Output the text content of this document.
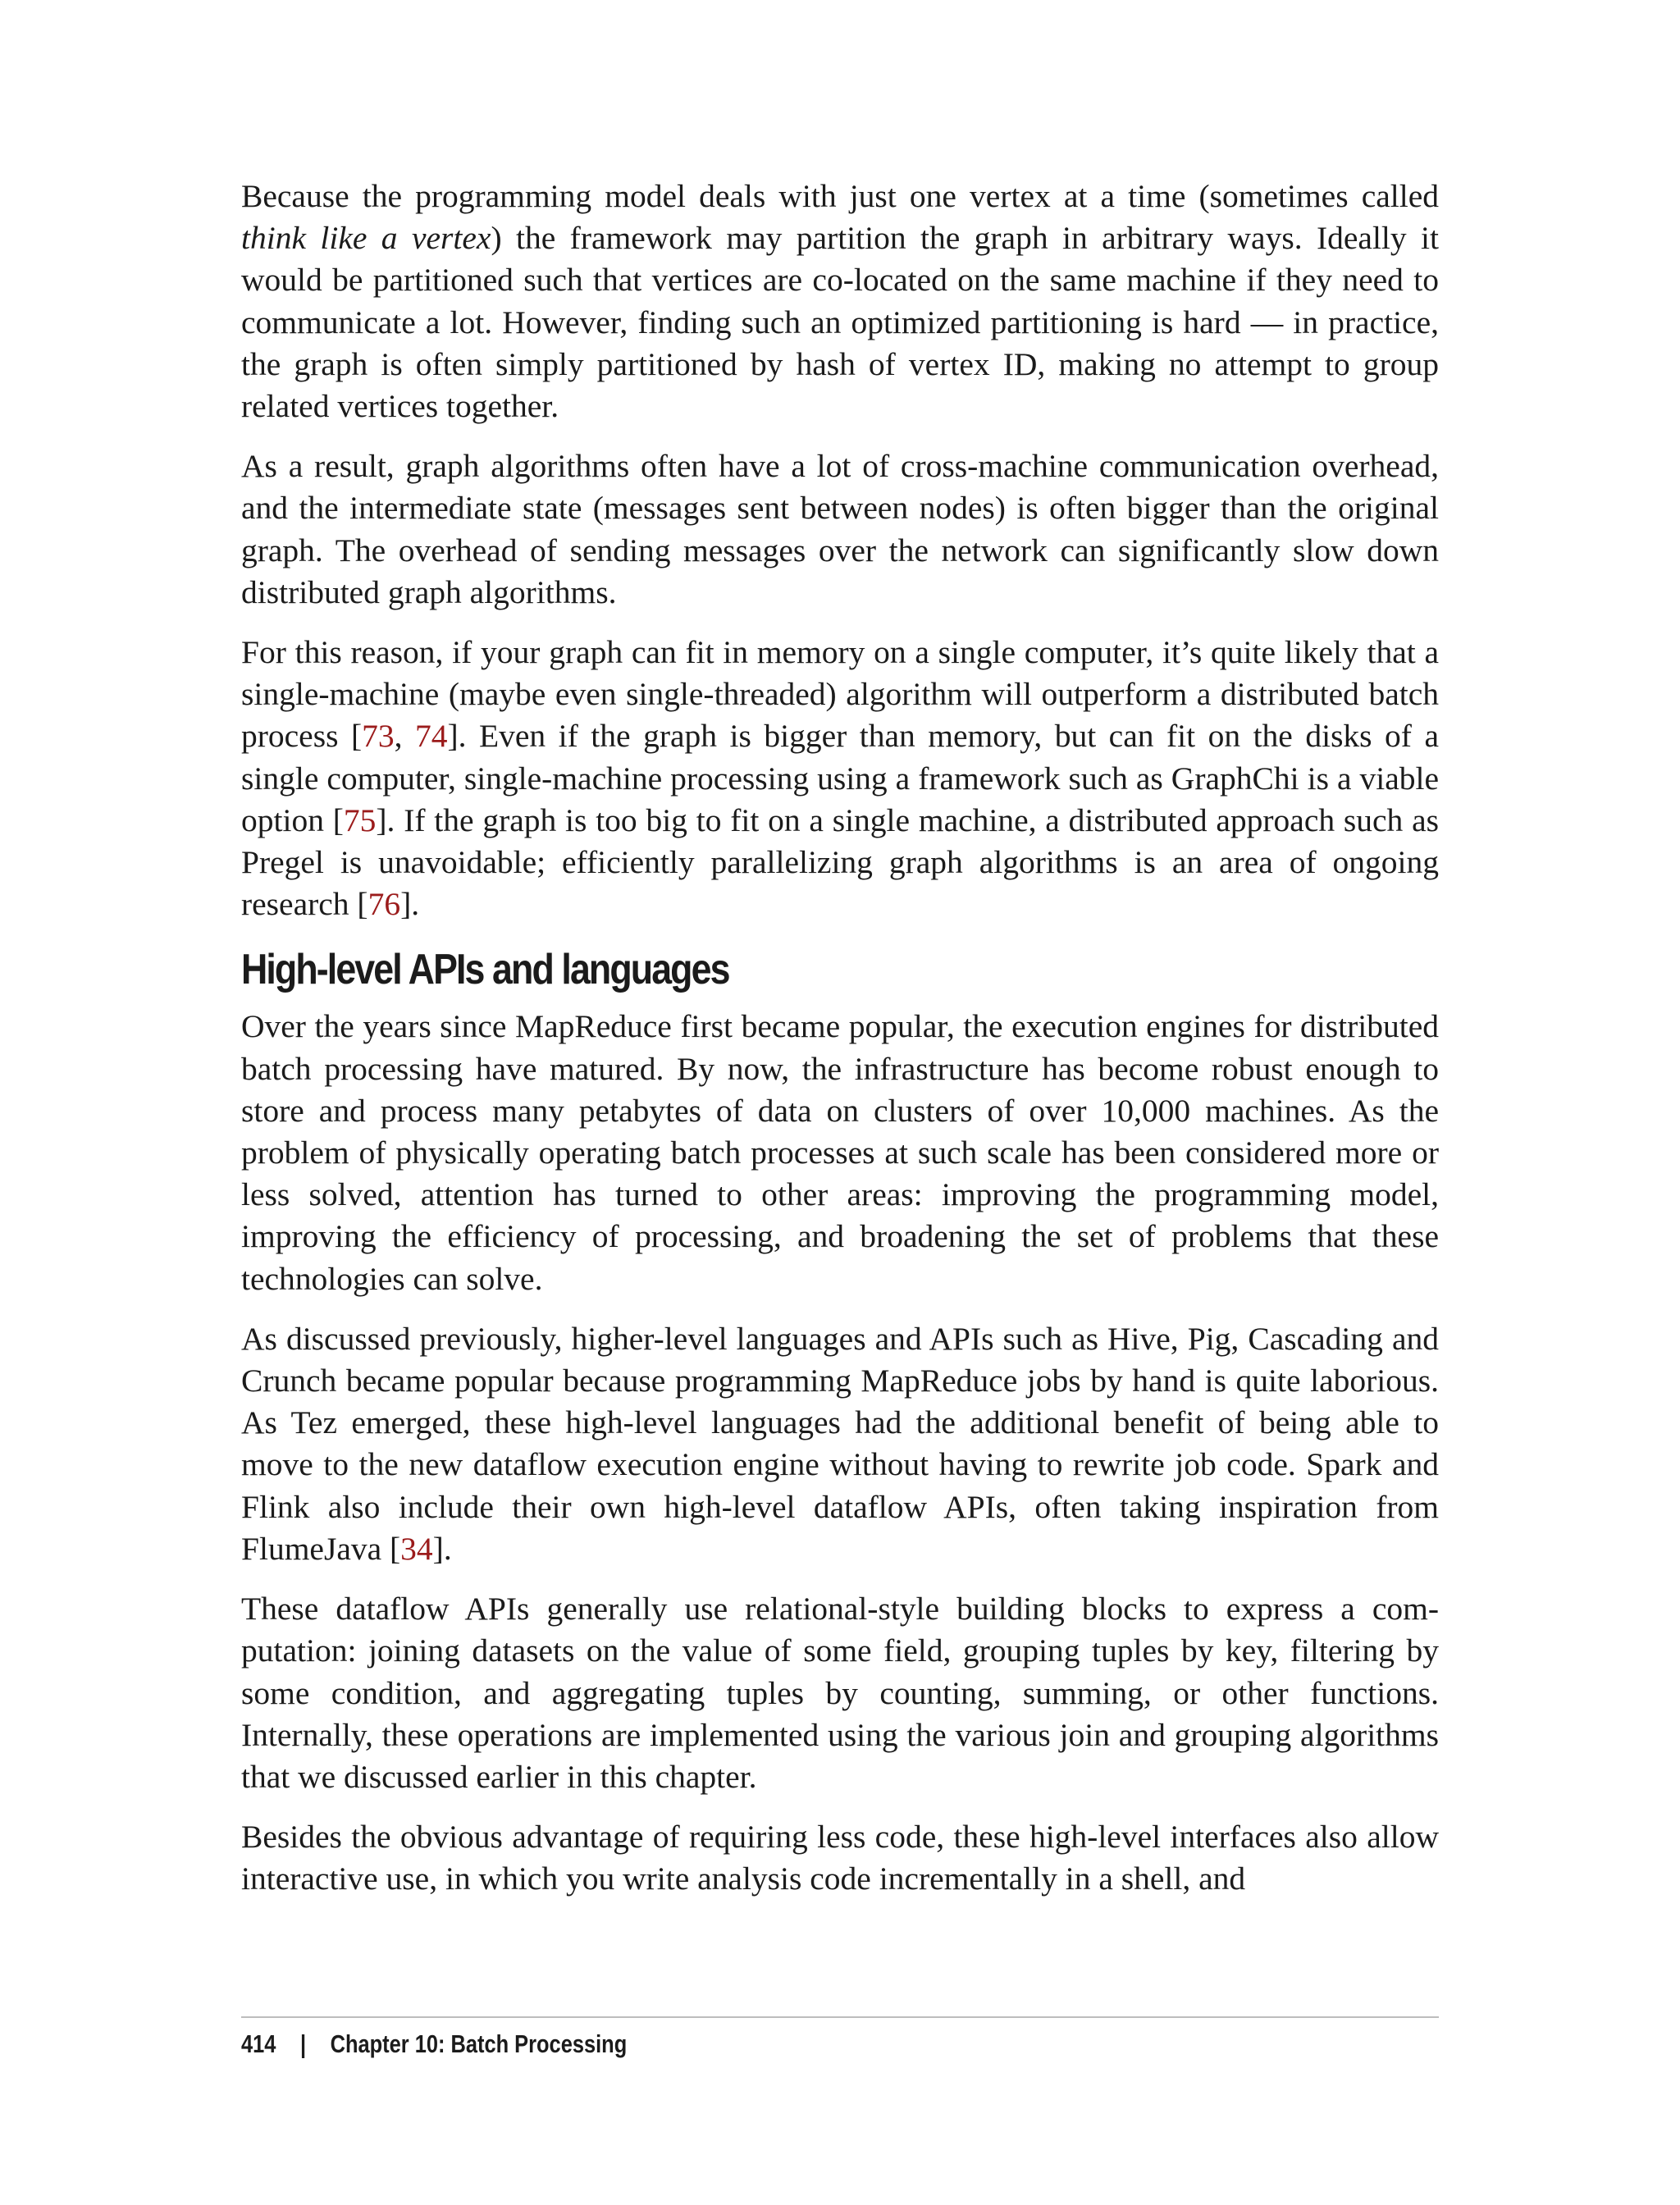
Because the programming model deals with just one vertex at a time (sometimes called think like a vertex) the framework may partition the graph in arbitrary ways. Ideally it would be partitioned such that vertices are co-located on the same machine if they need to communicate a lot. However, finding such an optimized partitioning is hard — in practice, the graph is often simply partitioned by hash of vertex ID, making no attempt to group related vertices together.

As a result, graph algorithms often have a lot of cross-machine communication overhead, and the intermediate state (messages sent between nodes) is often bigger than the original graph. The overhead of sending messages over the network can significantly slow down distributed graph algorithms.

For this reason, if your graph can fit in memory on a single computer, it’s quite likely that a single-machine (maybe even single-threaded) algorithm will outperform a distributed batch process [73, 74]. Even if the graph is bigger than memory, but can fit on the disks of a single computer, single-machine processing using a framework such as GraphChi is a viable option [75]. If the graph is too big to fit on a single machine, a distributed approach such as Pregel is unavoidable; efficiently parallelizing graph algorithms is an area of ongoing research [76].

High-level APIs and languages

Over the years since MapReduce first became popular, the execution engines for distributed batch processing have matured. By now, the infrastructure has become robust enough to store and process many petabytes of data on clusters of over 10,000 machines. As the problem of physically operating batch processes at such scale has been considered more or less solved, attention has turned to other areas: improving the programming model, improving the efficiency of processing, and broadening the set of problems that these technologies can solve.

As discussed previously, higher-level languages and APIs such as Hive, Pig, Cascading and Crunch became popular because programming MapReduce jobs by hand is quite laborious. As Tez emerged, these high-level languages had the additional benefit of being able to move to the new dataflow execution engine without having to rewrite job code. Spark and Flink also include their own high-level dataflow APIs, often taking inspiration from FlumeJava [34].

These dataflow APIs generally use relational-style building blocks to express a computation: joining datasets on the value of some field, grouping tuples by key, filtering by some condition, and aggregating tuples by counting, summing, or other functions. Internally, these operations are implemented using the various join and grouping algorithms that we discussed earlier in this chapter.

Besides the obvious advantage of requiring less code, these high-level interfaces also allow interactive use, in which you write analysis code incrementally in a shell, and

414 | Chapter 10: Batch Processing
